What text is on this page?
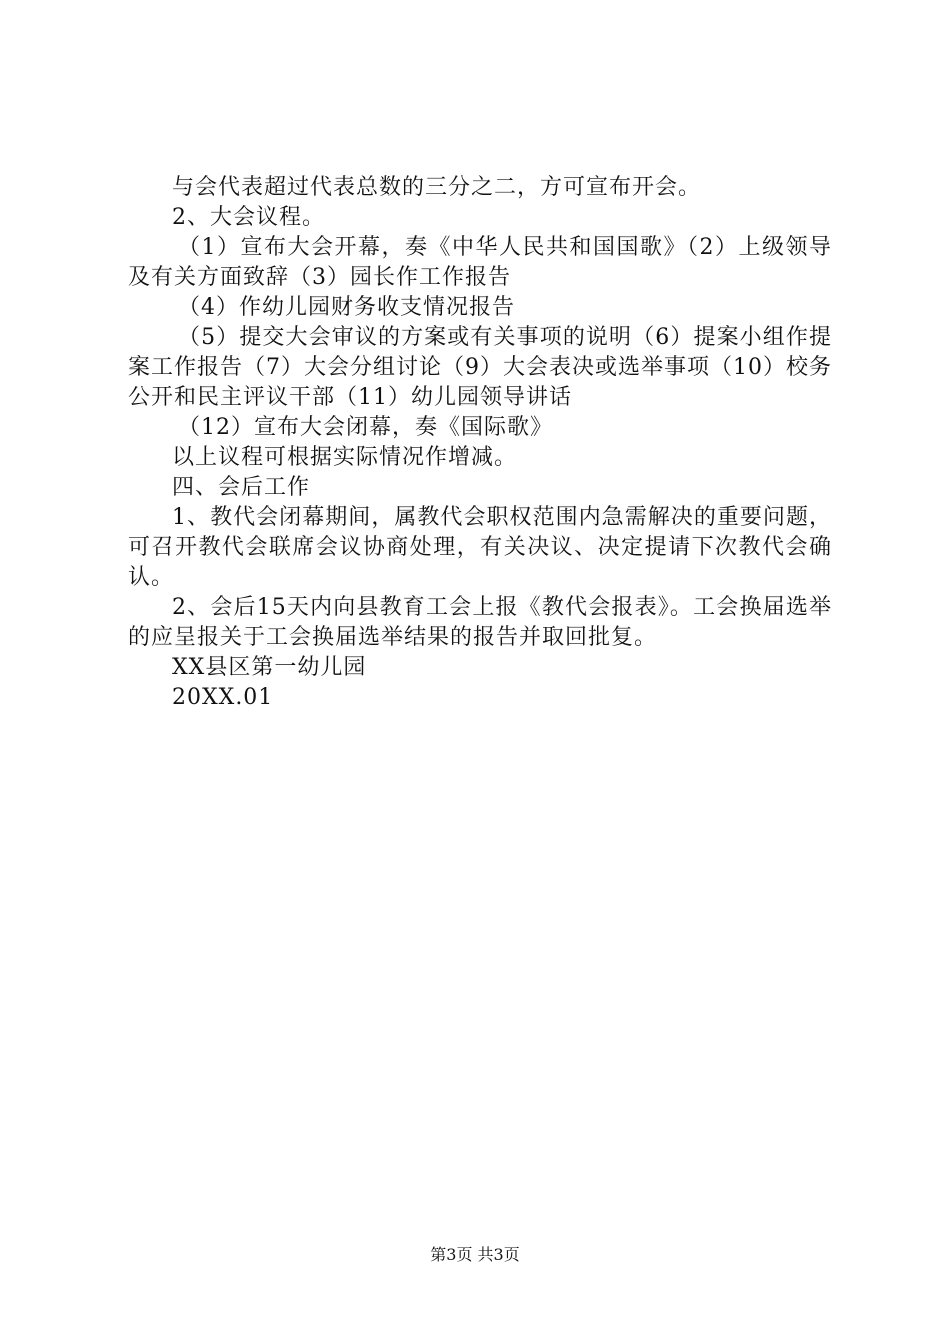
与会代表超过代表总数的三分之二，方可宣布开会。

2、大会议程。

（1）宣布大会开幕，奏《中华人民共和国国歌》（2）上级领导及有关方面致辞（3）园长作工作报告

（4）作幼儿园财务收支情况报告

（5）提交大会审议的方案或有关事项的说明（6）提案小组作提案工作报告（7）大会分组讨论（9）大会表决或选举事项（10）校务公开和民主评议干部（11）幼儿园领导讲话

（12）宣布大会闭幕，奏《国际歌》

以上议程可根据实际情况作增减。

四、会后工作

1、教代会闭幕期间，属教代会职权范围内急需解决的重要问题，可召开教代会联席会议协商处理，有关决议、决定提请下次教代会确认。

2、会后15天内向县教育工会上报《教代会报表》。工会换届选举的应呈报关于工会换届选举结果的报告并取回批复。

XX县区第一幼儿园

20XX.01

第3页 共3页
